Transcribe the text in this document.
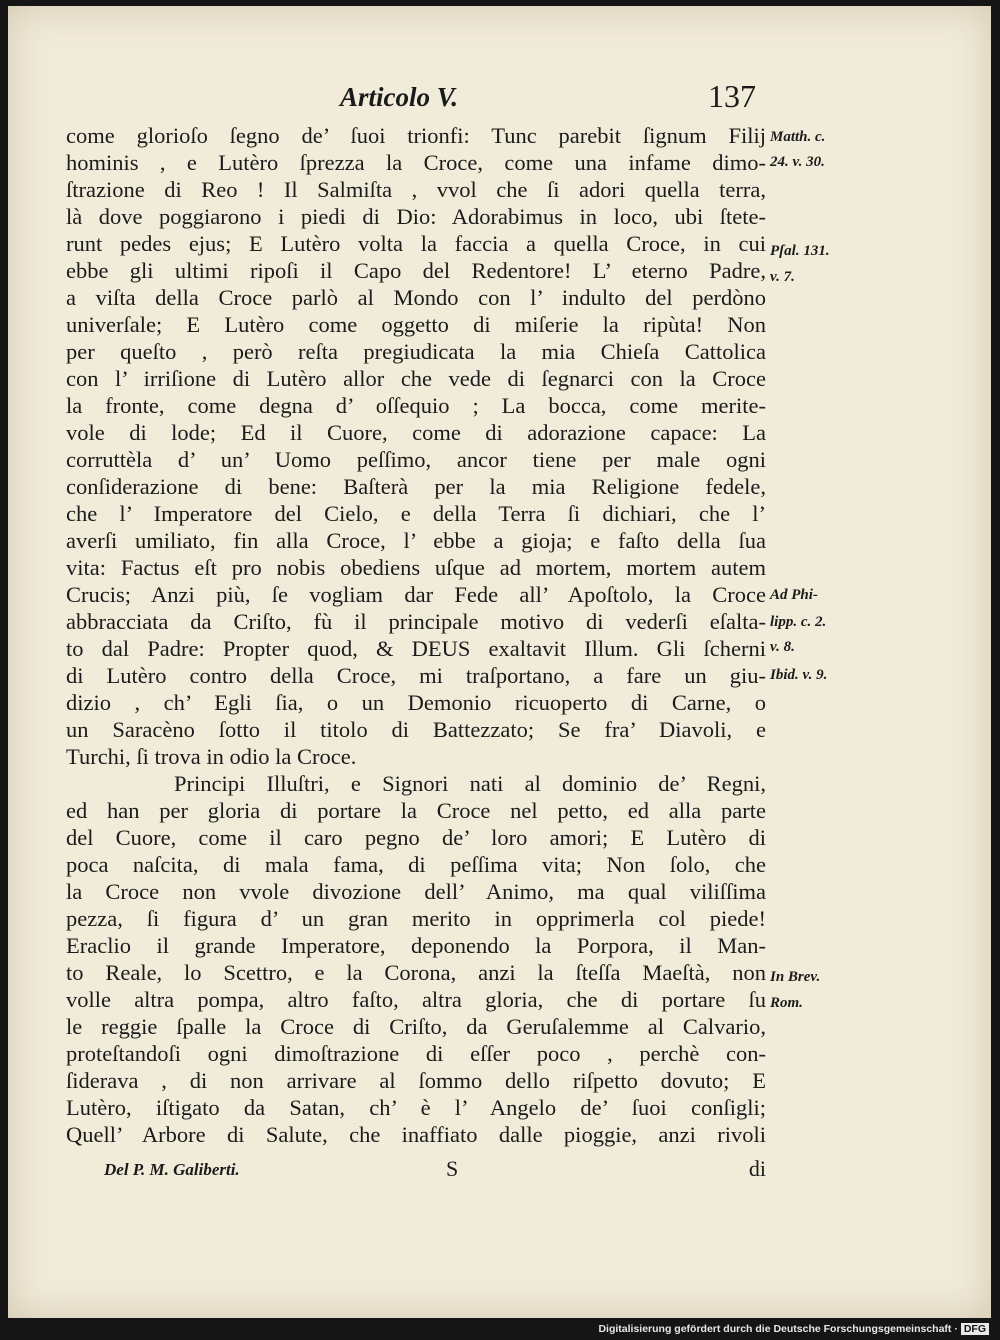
Articolo V.	137
come glorioſo ſegno de’ ſuoi trionfi: Tunc parebit ſignum Filij
hominis , e Lutèro ſprezza la Croce, come una infame dimo-
ſtrazione di Reo ! Il Salmiſta , vvol che ſi adori quella terra,
là dove poggiarono i piedi di Dio: Adorabimus in loco, ubi ſtete-
runt pedes ejus; E Lutèro volta la faccia a quella Croce, in cui
ebbe gli ultimi ripoſi il Capo del Redentore! L’ eterno Padre,
a viſta della Croce parlò al Mondo con l’ indulto del perdòno
univerſale; E Lutèro come oggetto di miſerie la ripùta! Non
per queſto , però reſta pregiudicata la mia Chieſa Cattolica
con l’ irriſione di Lutèro allor che vede di ſegnarci con la Croce
la fronte, come degna d’ oſſequio ; La bocca, come merite-
vole di lode; Ed il Cuore, come di adorazione capace: La
corruttèla d’ un’ Uomo peſſimo, ancor tiene per male ogni
conſiderazione di bene: Baſterà per la mia Religione fedele,
che l’ Imperatore del Cielo, e della Terra ſi dichiari, che l’
averſi umiliato, fin alla Croce, l’ ebbe a gioja; e faſto della ſua
vita: Factus eſt pro nobis obediens uſque ad mortem, mortem autem
Crucis; Anzi più, ſe vogliam dar Fede all’ Apoſtolo, la Croce
abbracciata da Criſto, fù il principale motivo di vederſi eſalta-
to dal Padre: Propter quod, & DEUS exaltavit Illum. Gli ſcherni
di Lutèro contro della Croce, mi traſportano, a fare un giu-
dizio , ch’ Egli ſia, o un Demonio ricuoperto di Carne, o
un Saracèno ſotto il titolo di Battezzato; Se fra’ Diavoli, e
Turchi, ſi trova in odio la Croce.
Principi Illuſtri, e Signori nati al dominio de’ Regni,
ed han per gloria di portare la Croce nel petto, ed alla parte
del Cuore, come il caro pegno de’ loro amori; E Lutèro di
poca naſcita, di mala fama, di peſſima vita; Non ſolo, che
la Croce non vvole divozione dell’ Animo, ma qual viliſſima
pezza, ſi figura d’ un gran merito in opprimerla col piede!
Eraclio il grande Imperatore, deponendo la Porpora, il Man-
to Reale, lo Scettro, e la Corona, anzi la ſteſſa Maeſtà, non
volle altra pompa, altro faſto, altra gloria, che di portare ſu
le reggie ſpalle la Croce di Criſto, da Geruſalemme al Calvario,
proteſtandoſi ogni dimoſtrazione di eſſer poco , perchè con-
ſiderava , di non arrivare al ſommo dello riſpetto dovuto; E
Lutèro, iſtigato da Satan, ch’ è l’ Angelo de’ ſuoi conſigli;
Quell’ Arbore di Salute, che inaffiato dalle pioggie, anzi rivoli
Matth. c.
24. v. 30.
Pſal. 131.
v. 7.
Ad Phi-
lipp. c. 2.
v. 8.
Ibid. v. 9.
In Brev.
Rom.
Del P. M. Galiberti.	S	di
Digitalisierung gefördert durch die Deutsche Forschungsgemeinschaft · DFG
